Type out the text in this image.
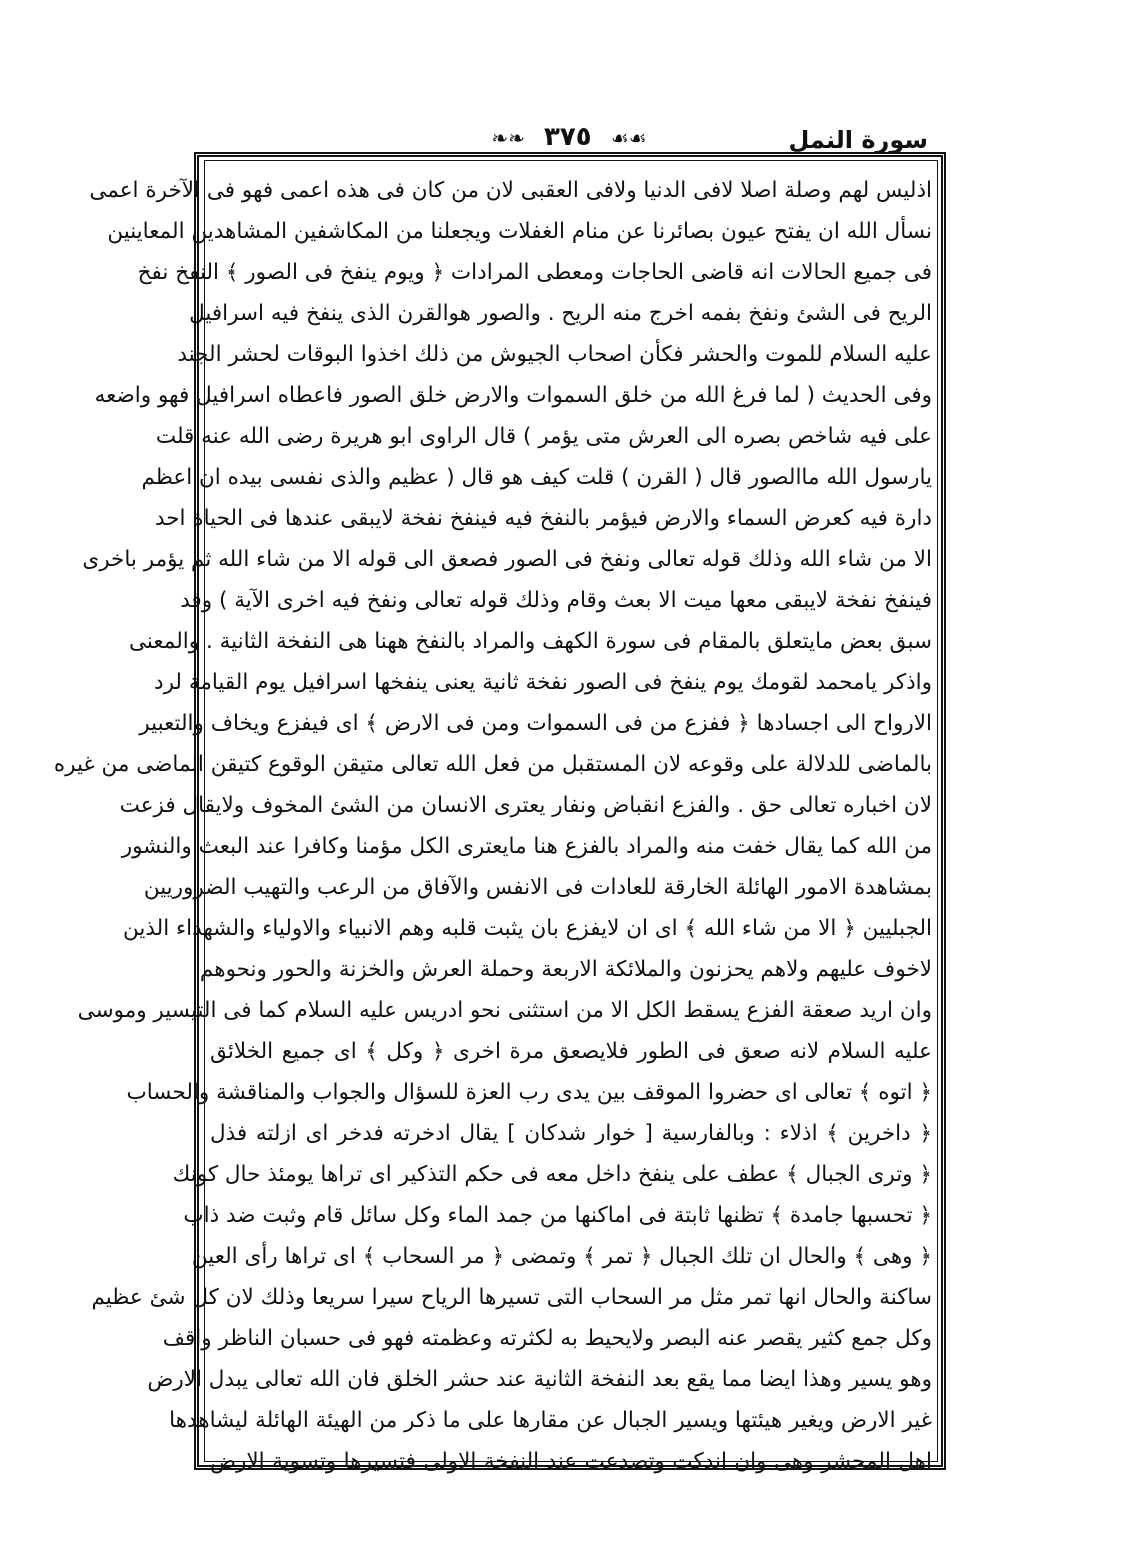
سورة النمل
❧❧ ٣٧٥ ☙☙
اذليس لهم وصلة اصلا لافى الدنيا ولافى العقبى لان من كان فى هذه اعمى فهو فى الآخرة اعمى
نسأل الله ان يفتح عيون بصائرنا عن منام الغفلات ويجعلنا من المكاشفين المشاهدين المعاينين
فى جميع الحالات انه قاضى الحاجات ومعطى المرادات ﴿ ويوم ينفخ فى الصور ﴾ النفخ نفخ
الريح فى الشئ ونفخ بفمه اخرج منه الريح . والصور هوالقرن الذى ينفخ فيه اسرافيل
عليه السلام للموت والحشر فكأن اصحاب الجيوش من ذلك اخذوا البوقات لحشر الجند
وفى الحديث ( لما فرغ الله من خلق السموات والارض خلق الصور فاعطاه اسرافيل فهو واضعه
على فيه شاخص بصره الى العرش متى يؤمر ) قال الراوى ابو هريرة رضى الله عنه قلت
يارسول الله ماالصور قال ( القرن ) قلت كيف هو قال ( عظيم والذى نفسى بيده ان اعظم
دارة فيه كعرض السماء والارض فيؤمر بالنفخ فيه فينفخ نفخة لايبقى عندها فى الحياة احد
الا من شاء الله وذلك قوله تعالى ونفخ فى الصور فصعق الى قوله الا من شاء الله ثم يؤمر باخرى
فينفخ نفخة لايبقى معها ميت الا بعث وقام وذلك قوله تعالى ونفخ فيه اخرى الآية ) وقد
سبق بعض مايتعلق بالمقام فى سورة الكهف والمراد بالنفخ ههنا هى النفخة الثانية . والمعنى
واذكر يامحمد لقومك يوم ينفخ فى الصور نفخة ثانية يعنى ينفخها اسرافيل يوم القيامة لرد
الارواح الى اجسادها ﴿ ففزع من فى السموات ومن فى الارض ﴾ اى فيفزع ويخاف والتعبير
بالماضى للدلالة على وقوعه لان المستقبل من فعل الله تعالى متيقن الوقوع كتيقن الماضى من غيره
لان اخباره تعالى حق . والفزع انقباض ونفار يعترى الانسان من الشئ المخوف ولايقال فزعت
من الله كما يقال خفت منه والمراد بالفزع هنا مايعترى الكل مؤمنا وكافرا عند البعث والنشور
بمشاهدة الامور الهائلة الخارقة للعادات فى الانفس والآفاق من الرعب والتهيب الضروريين
الجبليين ﴿ الا من شاء الله ﴾ اى ان لايفزع بان يثبت قلبه وهم الانبياء والاولياء والشهداء الذين
لاخوف عليهم ولاهم يحزنون والملائكة الاربعة وحملة العرش والخزنة والحور ونحوهم
وان اريد صعقة الفزع يسقط الكل الا من استثنى نحو ادريس عليه السلام كما فى التيسير وموسى
عليه السلام لانه صعق فى الطور فلايصعق مرة اخرى ﴿ وكل ﴾ اى جميع الخلائق
﴿ اتوه ﴾ تعالى اى حضروا الموقف بين يدى رب العزة للسؤال والجواب والمناقشة والحساب
﴿ داخرين ﴾ اذلاء : وبالفارسية [ خوار شدكان ] يقال ادخرته فدخر اى ازلته فذل
﴿ وترى الجبال ﴾ عطف على ينفخ داخل معه فى حكم التذكير اى تراها يومئذ حال كونك
﴿ تحسبها جامدة ﴾ تظنها ثابتة فى اماكنها من جمد الماء وكل سائل قام وثبت ضد ذاب
﴿ وهى ﴾ والحال ان تلك الجبال ﴿ تمر ﴾ وتمضى ﴿ مر السحاب ﴾ اى تراها رأى العين
ساكنة والحال انها تمر مثل مر السحاب التى تسيرها الرياح سيرا سريعا وذلك لان كل شئ عظيم
وكل جمع كثير يقصر عنه البصر ولايحيط به لكثرته وعظمته فهو فى حسبان الناظر واقف
وهو يسير وهذا ايضا مما يقع بعد النفخة الثانية عند حشر الخلق فان الله تعالى يبدل الارض
غير الارض ويغير هيئتها ويسير الجبال عن مقارها على ما ذكر من الهيئة الهائلة ليشاهدها
اهل المحشر وهى وان اندكت وتصدعت عند النفخة الاولى فتسيرها وتسوية الارض
